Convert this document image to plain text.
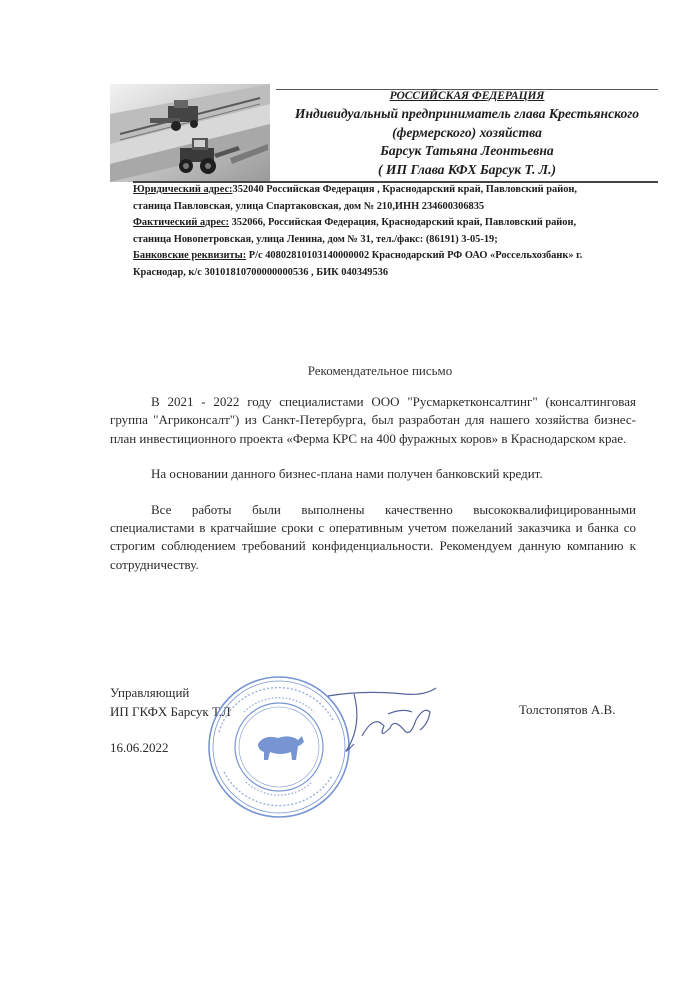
РОССИЙСКАЯ ФЕДЕРАЦИЯ
Индивидуальный предприниматель глава Крестьянского
(фермерского) хозяйства
Барсук Татьяна Леонтьевна
( ИП Глава КФХ Барсук Т. Л.)

Юридический адрес:352040 Российская Федерация , Краснодарский край, Павловский район,

станица Павловская, улица Спартаковская, дом № 210,ИНН 234600306835

Фактический адрес: 352066, Российская Федерация, Краснодарский край, Павловский район,

станица Новопетровская, улица Ленина, дом № 31, тел./факс: (86191) 3-05-19;

Банковские реквизиты: Р/с 40802810103140000002 Краснодарский РФ ОАО «Россельхозбанк» г.

Краснодар, к/с 30101810700000000536 , БИК 040349536

Рекомендательное письмо

В 2021 - 2022 году специалистами ООО "Русмаркетконсалтинг" (консалтинговая группа "Агриконсалт") из Санкт-Петербурга, был разработан для нашего хозяйства бизнес-план инвестиционного проекта «Ферма КРС на 400 фуражных коров» в Краснодарском крае.

На основании данного бизнес-плана нами получен банковский кредит.

Все работы были выполнены качественно высококвалифицированными специалистами в кратчайшие сроки с оперативным учетом пожеланий заказчика и банка со строгим соблюдением требований конфиденциальности. Рекомендуем данную компанию к сотрудничеству.

Управляющий
ИП ГКФХ Барсук Т.Л
16.06.2022
Толстопятов А.В.
